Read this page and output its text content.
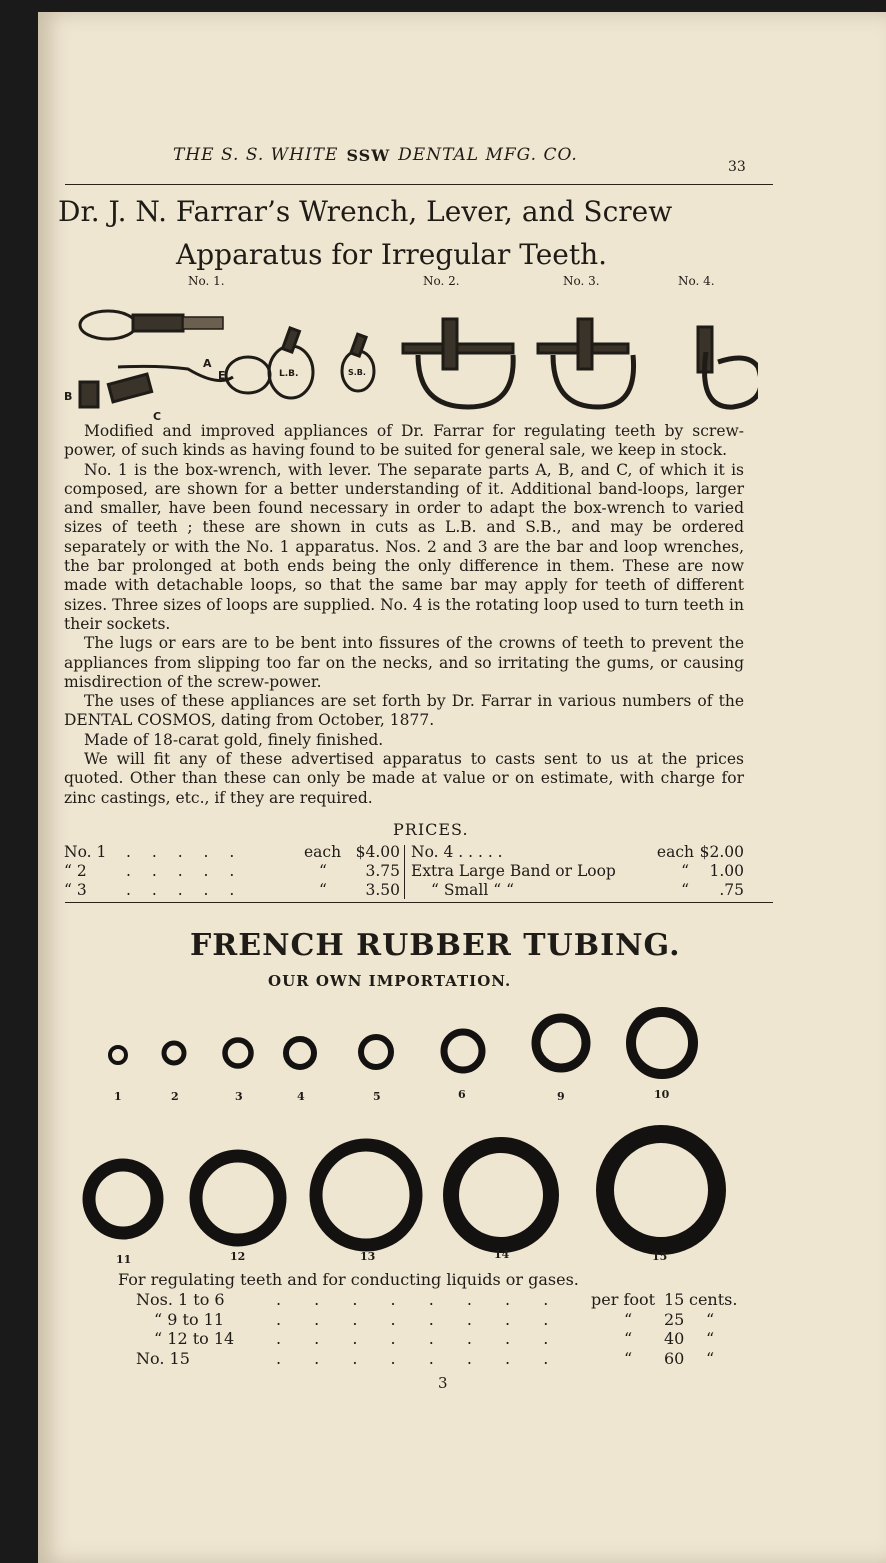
THE S. S. WHITE SSW DENTAL MFG. CO.
33
Dr. J. N. Farrar’s Wrench, Lever, and Screw
Apparatus for Irregular Teeth.
No. 1.	No. 2.	No. 3.	No. 4.
A
B
C
E	L.B.	S.B.

Modified and improved appliances of Dr. Farrar for regulating teeth by screw-power, of such kinds as having found to be suited for general sale, we keep in stock.

No. 1 is the box-wrench, with lever. The separate parts A, B, and C, of which it is composed, are shown for a better understanding of it. Additional band-loops, larger and smaller, have been found necessary in order to adapt the box-wrench to varied sizes of teeth ; these are shown in cuts as L.B. and S.B., and may be ordered separately or with the No. 1 apparatus. Nos. 2 and 3 are the bar and loop wrenches, the bar prolonged at both ends being the only difference in them. These are now made with detachable loops, so that the same bar may apply for teeth of different sizes. Three sizes of loops are supplied. No. 4 is the rotating loop used to turn teeth in their sockets.

The lugs or ears are to be bent into fissures of the crowns of teeth to prevent the appliances from slipping too far on the necks, and so irritating the gums, or causing misdirection of the screw-power.

The uses of these appliances are set forth by Dr. Farrar in various numbers of the DENTAL COSMOS, dating from October, 1877.

Made of 18-carat gold, finely finished.

We will fit any of these advertised apparatus to casts sent to us at the prices quoted. Other than these can only be made at value or on estimate, with charge for zinc castings, etc., if they are required.

PRICES.
No. 1 . . . . .	each $4.00
“ 2	. . . . .	“ 3.75
“ 3	. . . . .	“ 3.50
No. 4 . . . . .	each $2.00
Extra Large Band or Loop	“ 1.00
“ Small “ “	“ .75
FRENCH RUBBER TUBING.
OUR OWN IMPORTATION.
1	2	3	4	5	6	9	10
11	12	13	14	15
For regulating teeth and for conducting liquids or gases.
Nos. 1 to 6	. . . . . . . . per foot 15 cents.
“ 9 to 11	. . . . . . . .	“ 25 “
“ 12 to 14	. . . . . . . .	“ 40 “
No. 15	. . . . . . . .	“ 60 “
3
